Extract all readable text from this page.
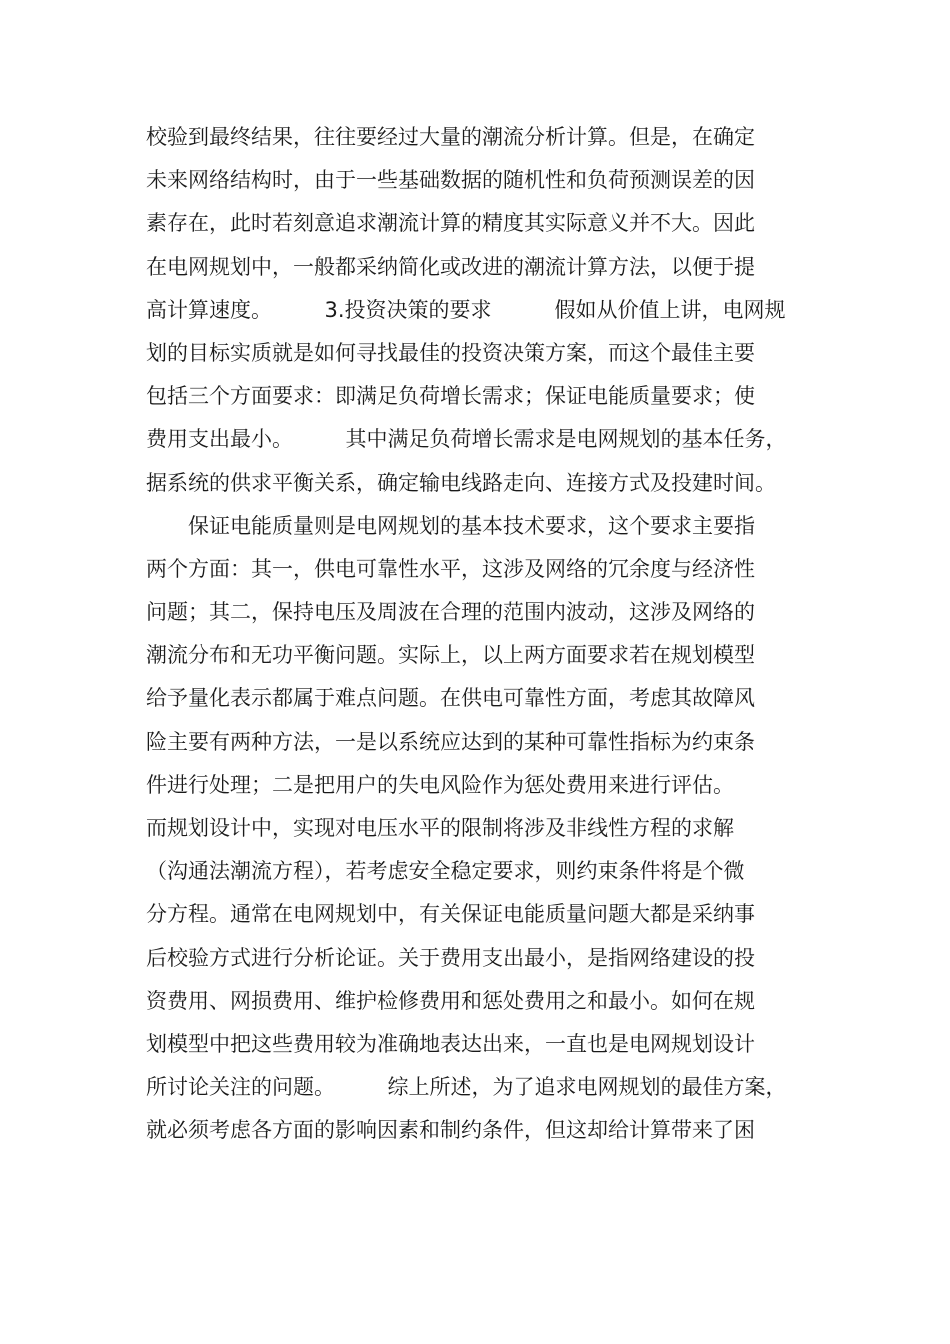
校验到最终结果，往往要经过大量的潮流分析计算。但是，在确定
未来网络结构时，由于一些基础数据的随机性和负荷预测误差的因
素存在，此时若刻意追求潮流计算的精度其实际意义并不大。因此
在电网规划中，一般都采纳简化或改进的潮流计算方法，以便于提
高计算速度。　　　3.投资决策的要求　　　假如从价值上讲，电网规
划的目标实质就是如何寻找最佳的投资决策方案，而这个最佳主要
包括三个方面要求：即满足负荷增长需求；保证电能质量要求；使
费用支出最小。　　　其中满足负荷增长需求是电网规划的基本任务，
据系统的供求平衡关系，确定输电线路走向、连接方式及投建时间。
　　保证电能质量则是电网规划的基本技术要求，这个要求主要指
两个方面：其一，供电可靠性水平，这涉及网络的冗余度与经济性
问题；其二，保持电压及周波在合理的范围内波动，这涉及网络的
潮流分布和无功平衡问题。实际上，以上两方面要求若在规划模型
给予量化表示都属于难点问题。在供电可靠性方面，考虑其故障风
险主要有两种方法，一是以系统应达到的某种可靠性指标为约束条
件进行处理；二是把用户的失电风险作为惩处费用来进行评估。
而规划设计中，实现对电压水平的限制将涉及非线性方程的求解
（沟通法潮流方程），若考虑安全稳定要求，则约束条件将是个微
分方程。通常在电网规划中，有关保证电能质量问题大都是采纳事
后校验方式进行分析论证。关于费用支出最小，是指网络建设的投
资费用、网损费用、维护检修费用和惩处费用之和最小。如何在规
划模型中把这些费用较为准确地表达出来，一直也是电网规划设计
所讨论关注的问题。　　　综上所述，为了追求电网规划的最佳方案，
就必须考虑各方面的影响因素和制约条件，但这却给计算带来了困
